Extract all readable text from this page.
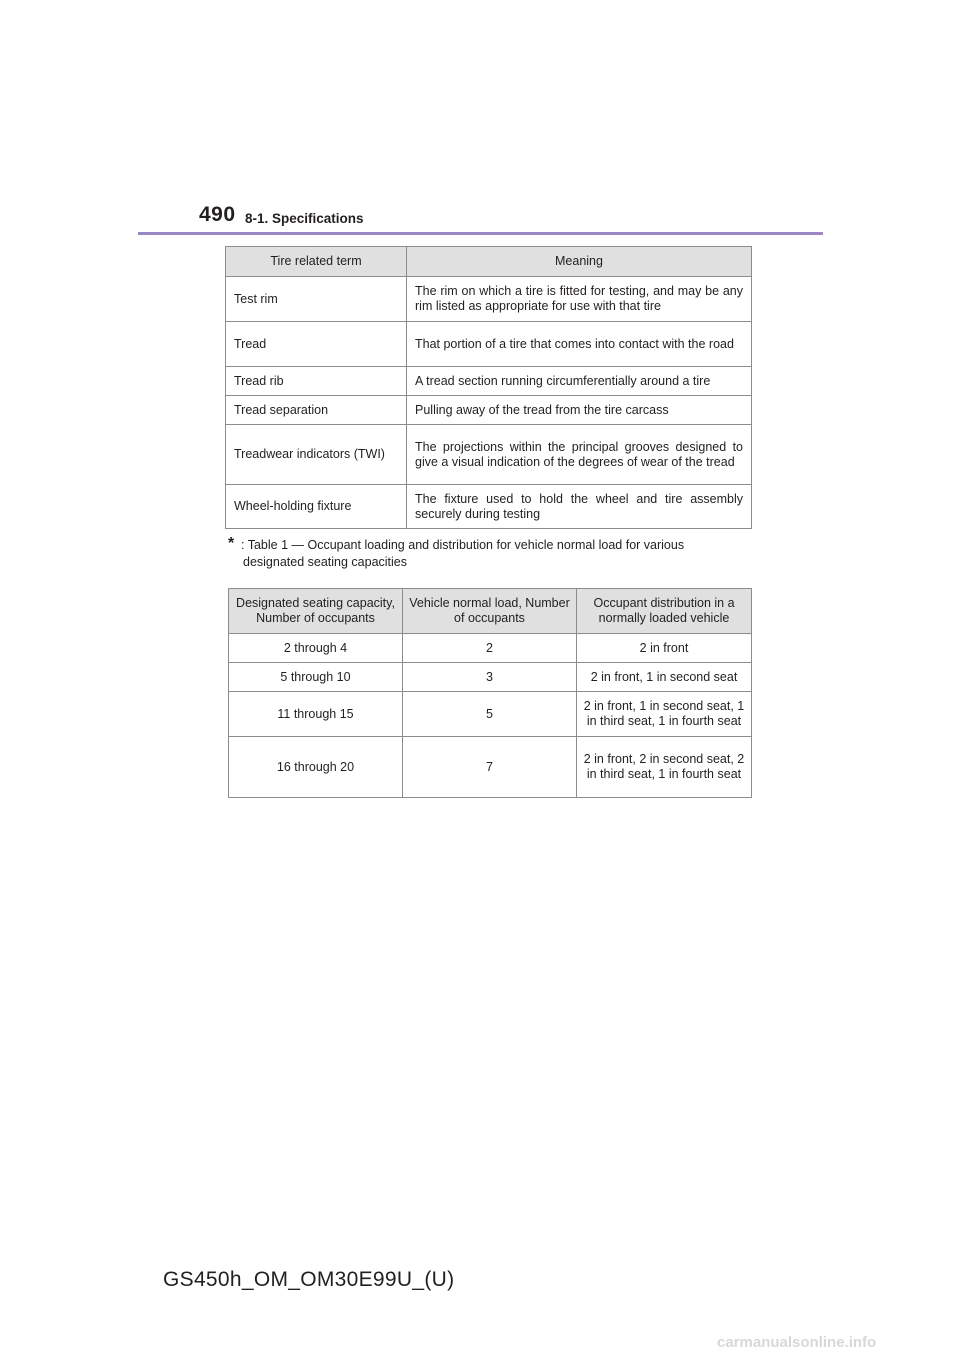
490 8-1. Specifications
Tire related term	Meaning
Test rim	The rim on which a tire is fitted for testing, and may be any rim listed as appropriate for use with that tire
Tread	That portion of a tire that comes into contact with the road
Tread rib	A tread section running circumferentially around a tire
Tread separation	Pulling away of the tread from the tire carcass
Treadwear indicators (TWI)	The projections within the principal grooves designed to give a visual indication of the degrees of wear of the tread
Wheel-holding fixture	The fixture used to hold the wheel and tire assembly securely during testing
* : Table 1 — Occupant loading and distribution for vehicle normal load for various designated seating capacities
Designated seating capacity, Number of occupants	Vehicle normal load, Number of occupants	Occupant distribution in a normally loaded vehicle
2 through 4	2	2 in front
5 through 10	3	2 in front, 1 in second seat
11 through 15	5	2 in front, 1 in second seat, 1 in third seat, 1 in fourth seat
16 through 20	7	2 in front, 2 in second seat, 2 in third seat, 1 in fourth seat
GS450h_OM_OM30E99U_(U)
carmanualsonline.info
